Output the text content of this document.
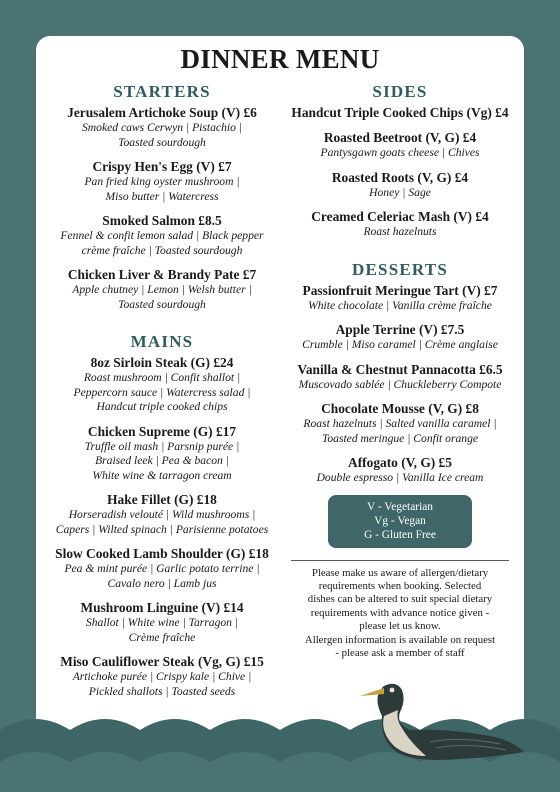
DINNER MENU
STARTERS
Jerusalem Artichoke Soup (V) £6
Smoked caws Cerwyn | Pistachio |
Toasted sourdough
Crispy Hen's Egg (V) £7
Pan fried king oyster mushroom |
Miso butter | Watercress
Smoked Salmon £8.5
Fennel & confit lemon salad | Black pepper
crème fraîche | Toasted sourdough
Chicken Liver & Brandy Pate £7
Apple chutney | Lemon | Welsh butter |
Toasted sourdough
MAINS
8oz Sirloin Steak (G) £24
Roast mushroom | Confit shallot |
Peppercorn sauce | Watercress salad |
Handcut triple cooked chips
Chicken Supreme (G) £17
Truffle oil mash | Parsnip purée |
Braised leek | Pea & bacon |
White wine & tarragon cream
Hake Fillet (G) £18
Horseradish velouté | Wild mushrooms |
Capers | Wilted spinach | Parisienne potatoes
Slow Cooked Lamb Shoulder (G) £18
Pea & mint purée | Garlic potato terrine |
Cavalo nero | Lamb jus
Mushroom Linguine (V) £14
Shallot | White wine | Tarragon |
Crème fraîche
Miso Cauliflower Steak (Vg, G) £15
Artichoke purée | Crispy kale | Chive |
Pickled shallots | Toasted seeds
SIDES
Handcut Triple Cooked Chips (Vg) £4
Roasted Beetroot (V, G) £4
Pantysgawn goats cheese | Chives
Roasted Roots (V, G) £4
Honey | Sage
Creamed Celeriac Mash (V) £4
Roast hazelnuts
DESSERTS
Passionfruit Meringue Tart (V) £7
White chocolate | Vanilla crème fraîche
Apple Terrine (V) £7.5
Crumble | Miso caramel | Crème anglaise
Vanilla & Chestnut Pannacotta £6.5
Muscovado sablée | Chuckleberry Compote
Chocolate Mousse (V, G) £8
Roast hazelnuts | Salted vanilla caramel |
Toasted meringue | Confit orange
Affogato (V, G) £5
Double espresso | Vanilla Ice cream
V - Vegetarian
Vg - Vegan
G - Gluten Free
Please make us aware of allergen/dietary
requirements when booking. Selected
dishes can be altered to suit special dietary
requirements with advance notice given -
please let us know.
Allergen information is available on request
- please ask a member of staff
